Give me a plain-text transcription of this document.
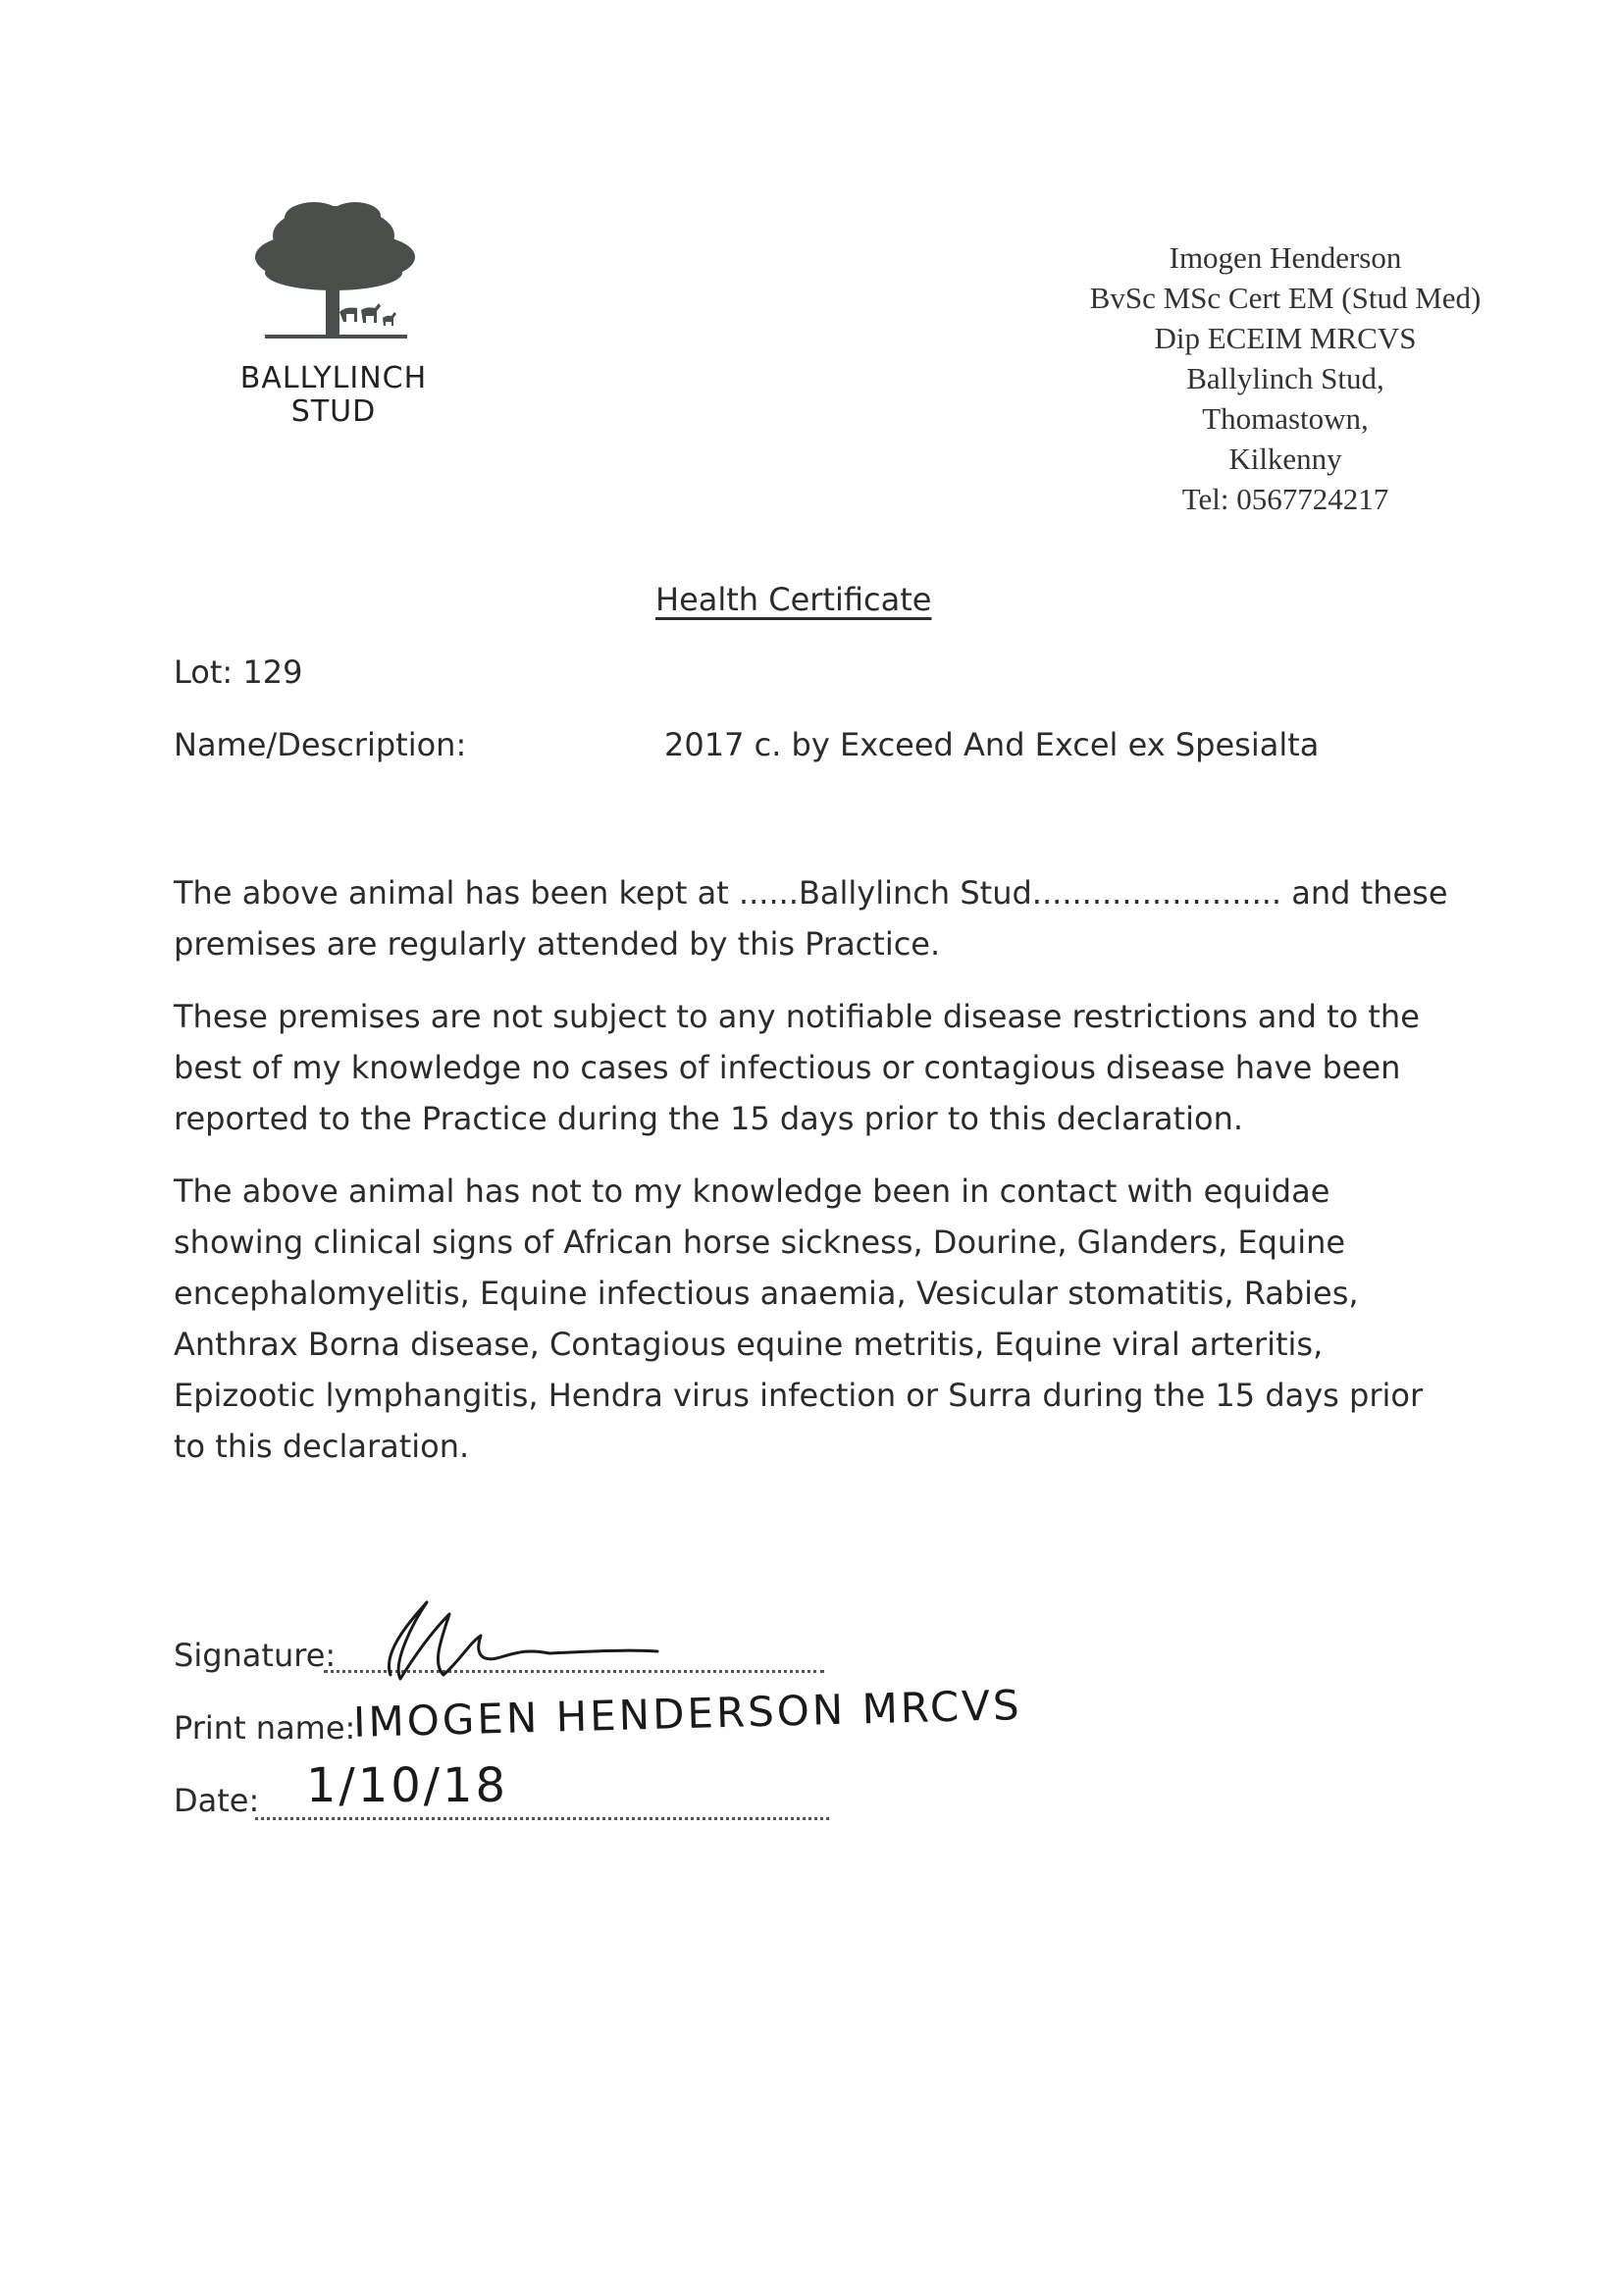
BALLYLINCH
STUD
Imogen Henderson
BvSc MSc Cert EM (Stud Med)
Dip ECEIM MRCVS
Ballylinch Stud,
Thomastown,
Kilkenny
Tel: 0567724217
Health Certificate
Lot: 129
Name/Description:	2017 c. by Exceed And Excel ex Spesialta
The above animal has been kept at ......Ballylinch Stud......................... and these
premises are regularly attended by this Practice.
These premises are not subject to any notifiable disease restrictions and to the
best of my knowledge no cases of infectious or contagious disease have been
reported to the Practice during the 15 days prior to this declaration.
The above animal has not to my knowledge been in contact with equidae
showing clinical signs of African horse sickness, Dourine, Glanders, Equine
encephalomyelitis, Equine infectious anaemia, Vesicular stomatitis, Rabies,
Anthrax Borna disease, Contagious equine metritis, Equine viral arteritis,
Epizootic lymphangitis, Hendra virus infection or Surra during the 15 days prior
to this declaration.
Signature:
Print name:
IMOGEN HENDERSON MRCVS
Date: 1/10/18
